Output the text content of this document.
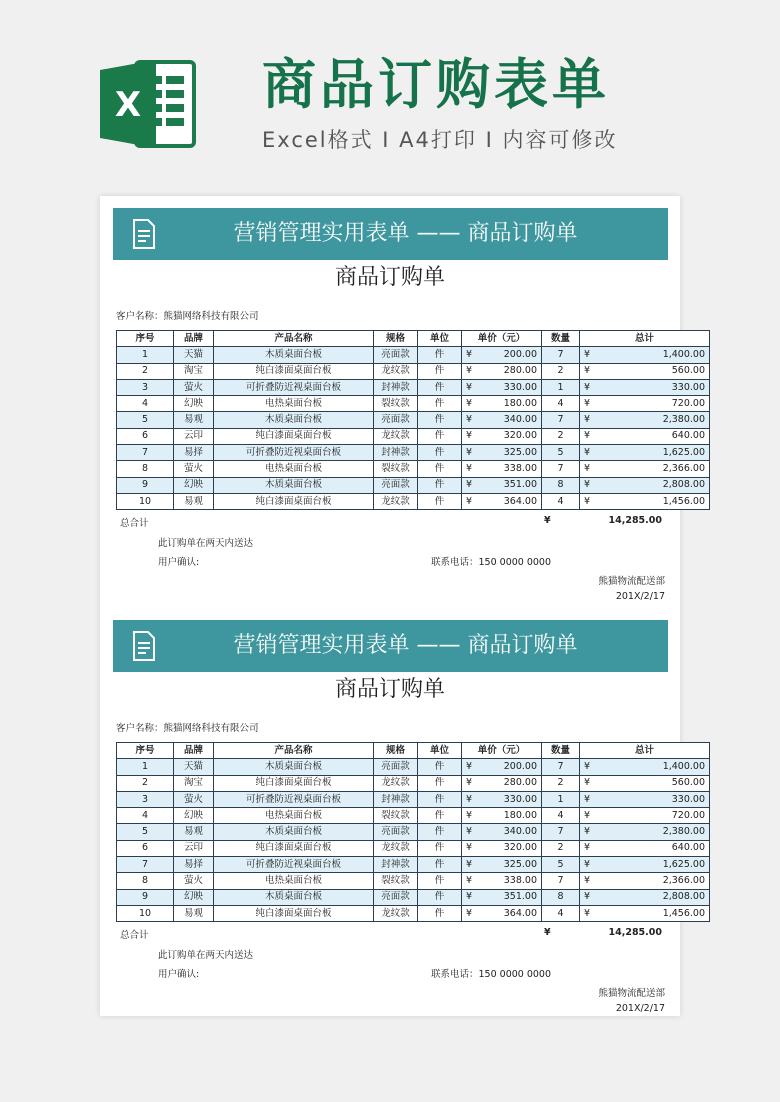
X 商品订购表单
Excel格式 I A4打印 I 内容可修改
营销管理实用表单 —— 商品订购单
商品订购单
客户名称：熊猫网络科技有限公司
序号	品牌	产品名称	规格	单位	单价（元）	数量	总计
1	天猫	木质桌面台板	亮面款	件	¥ 200.00	7	¥ 1,400.00

2	淘宝	纯白漆面桌面台板	龙纹款	件	¥ 280.00	2	¥ 560.00

3	萤火	可折叠防近视桌面台板	封神款	件	¥ 330.00	1	¥ 330.00

4	幻映	电热桌面台板	裂纹款	件	¥ 180.00	4	¥ 720.00

5	易观	木质桌面台板	亮面款	件	¥ 340.00	7	¥ 2,380.00

6	云印	纯白漆面桌面台板	龙纹款	件	¥ 320.00	2	¥ 640.00

7	易择	可折叠防近视桌面台板	封神款	件	¥ 325.00	5	¥ 1,625.00

8	萤火	电热桌面台板	裂纹款	件	¥ 338.00	7	¥ 2,366.00

9	幻映	木质桌面台板	亮面款	件	¥ 351.00	8	¥ 2,808.00

10	易观	纯白漆面桌面台板	龙纹款	件	¥ 364.00	4	¥ 1,456.00
总合计	¥	14,285.00
此订购单在两天内送达
用户确认:	联系电话：150 0000 0000
熊猫物流配送部
201X/2/17
营销管理实用表单 —— 商品订购单
商品订购单
客户名称：熊猫网络科技有限公司
序号	品牌	产品名称	规格	单位	单价（元）	数量	总计
1	天猫	木质桌面台板	亮面款	件	¥ 200.00	7	¥ 1,400.00

2	淘宝	纯白漆面桌面台板	龙纹款	件	¥ 280.00	2	¥ 560.00

3	萤火	可折叠防近视桌面台板	封神款	件	¥ 330.00	1	¥ 330.00

4	幻映	电热桌面台板	裂纹款	件	¥ 180.00	4	¥ 720.00

5	易观	木质桌面台板	亮面款	件	¥ 340.00	7	¥ 2,380.00

6	云印	纯白漆面桌面台板	龙纹款	件	¥ 320.00	2	¥ 640.00

7	易择	可折叠防近视桌面台板	封神款	件	¥ 325.00	5	¥ 1,625.00

8	萤火	电热桌面台板	裂纹款	件	¥ 338.00	7	¥ 2,366.00

9	幻映	木质桌面台板	亮面款	件	¥ 351.00	8	¥ 2,808.00

10	易观	纯白漆面桌面台板	龙纹款	件	¥ 364.00	4	¥ 1,456.00
总合计	¥	14,285.00
此订购单在两天内送达
用户确认:	联系电话：150 0000 0000
熊猫物流配送部
201X/2/17
